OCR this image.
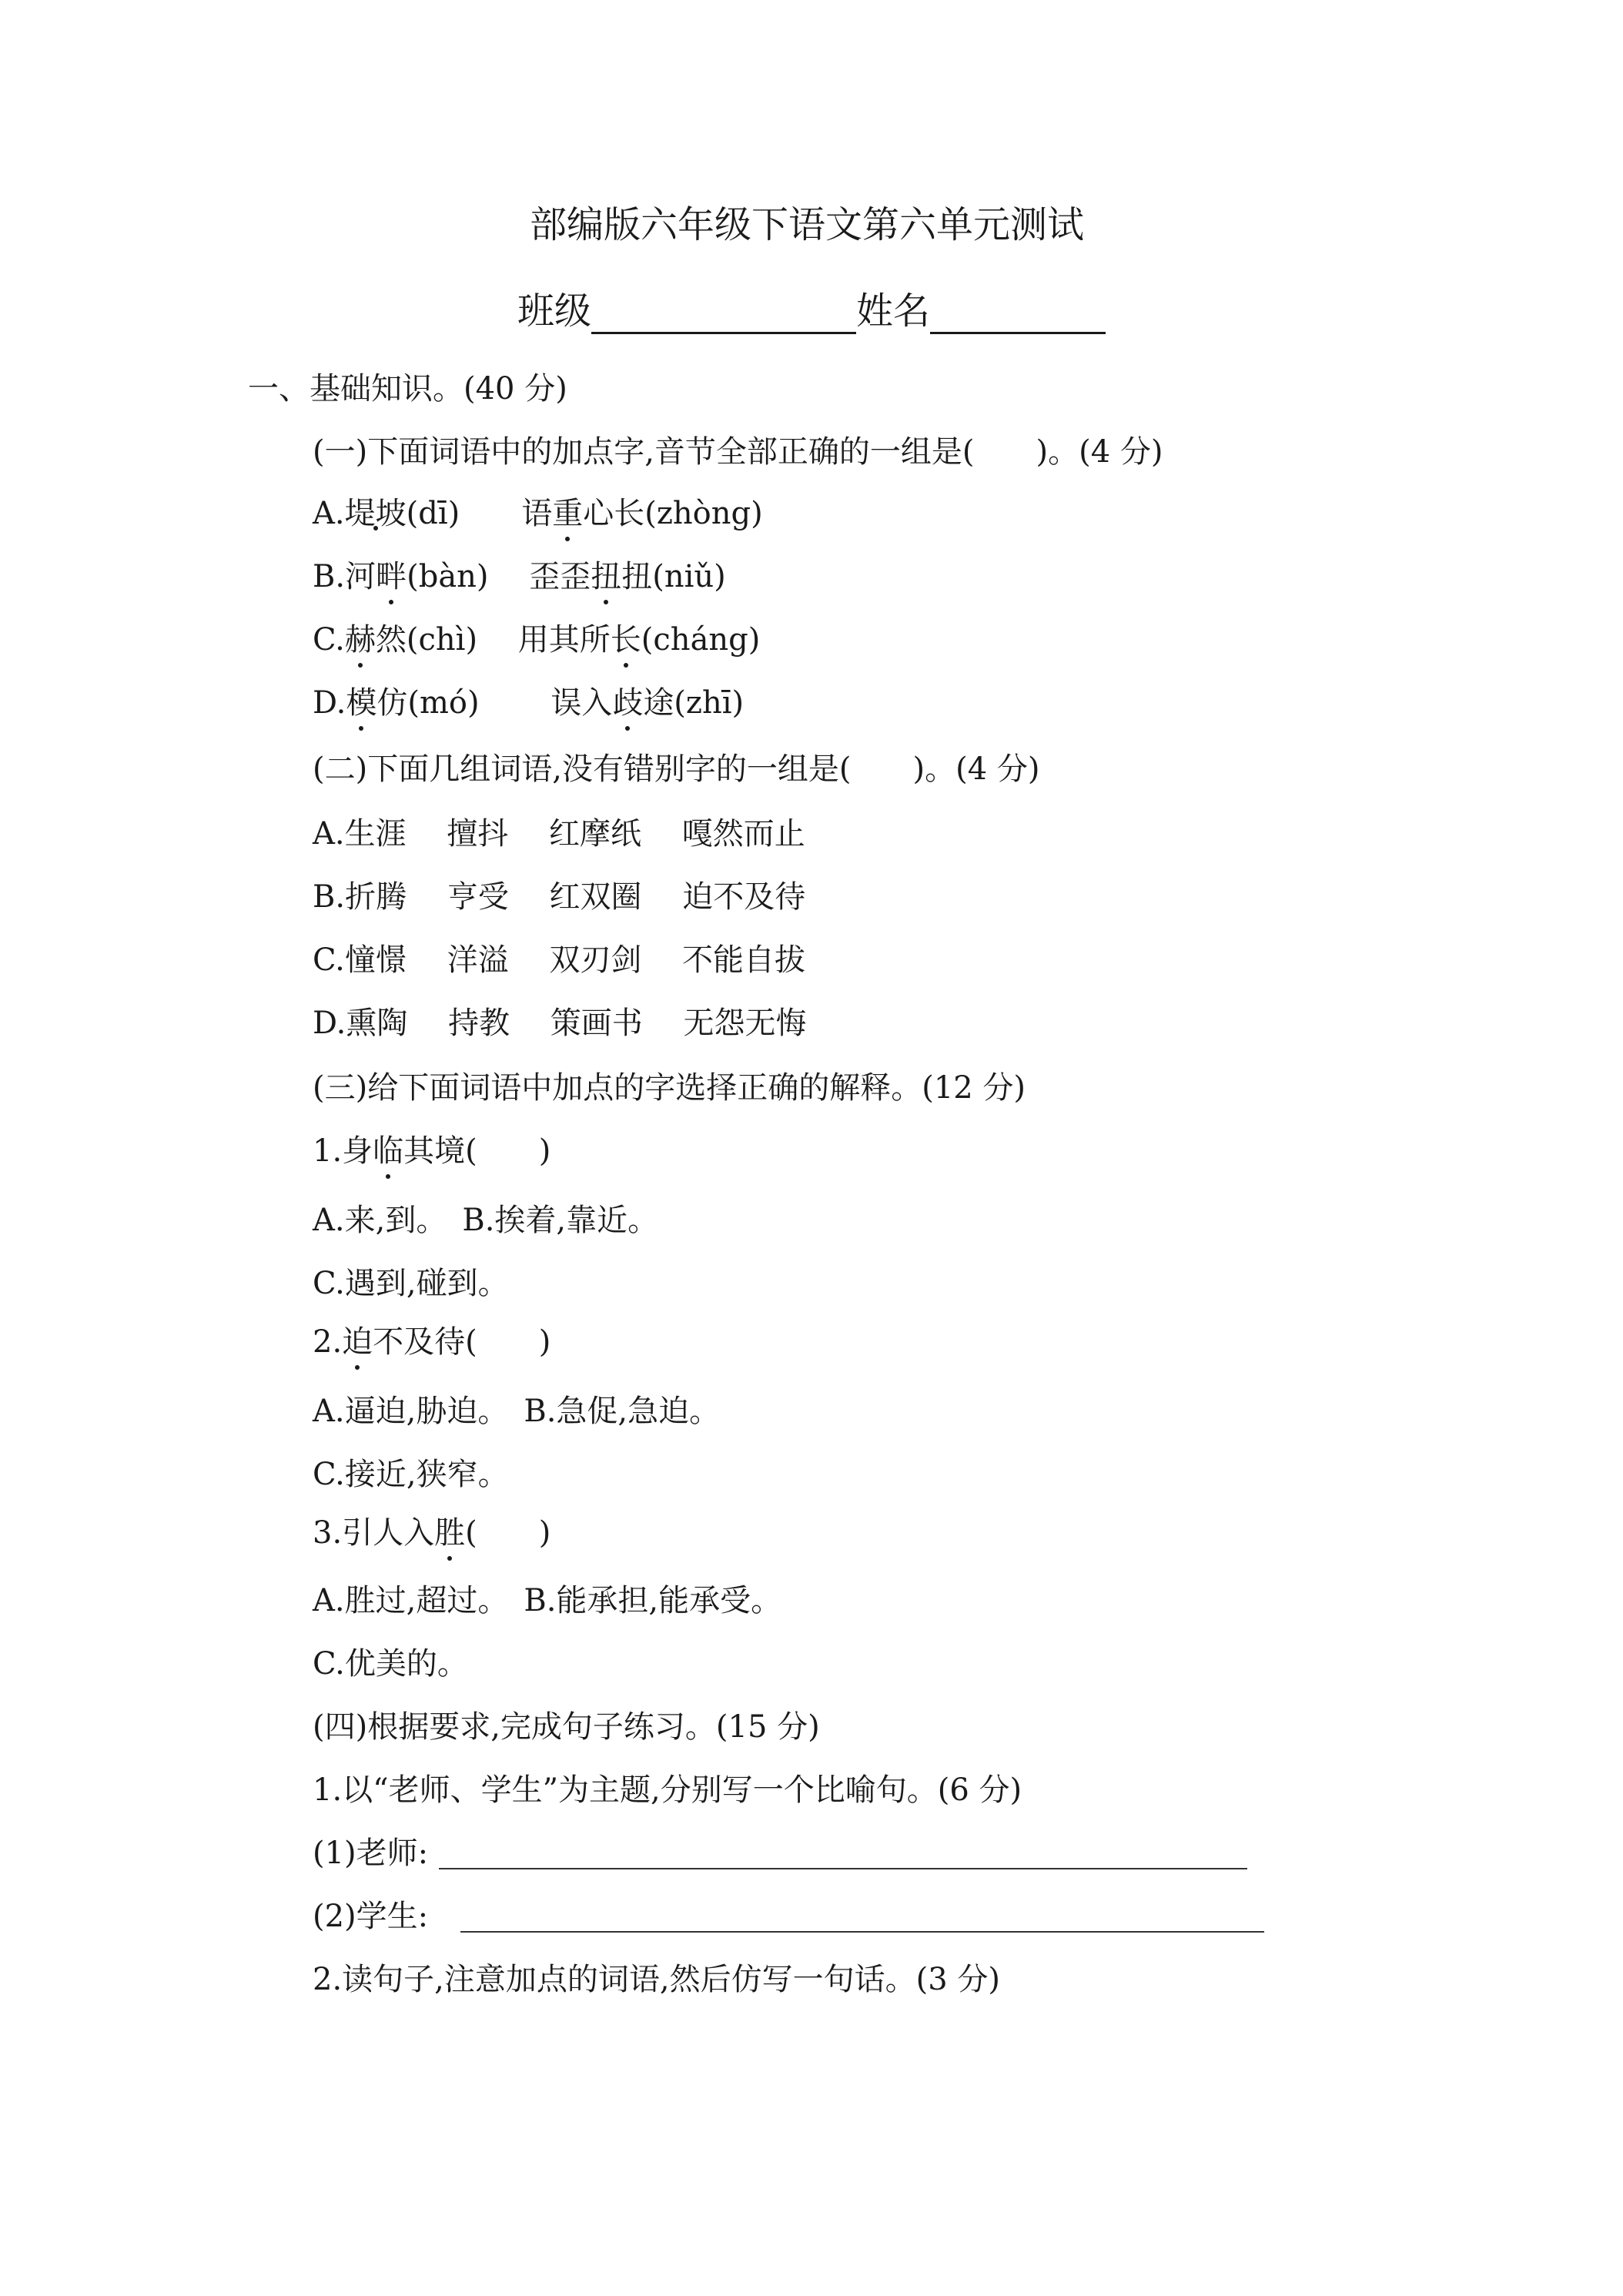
部编版六年级下语文第六单元测试
班级	姓名
一、基础知识。(40 分)
(一)下面词语中的加点字,音节全部正确的一组是(　　)。(4 分)
A.堤坡(dī)　　 语重心长(zhòng)
B.河畔(bàn)　 歪歪扭扭(niǔ)
C.赫然(chì)　 用其所长(cháng)
D.模仿(mó)　 　 误入歧途(zhī)
(二)下面几组词语,没有错别字的一组是(　　)。(4 分)
A.生涯　 擅抖　 红摩纸　 嘎然而止
B.折腾　 亨受　 红双圈　 迫不及待
C.憧憬　 洋溢　 双刃剑　 不能自拔
D.熏陶　 持教　 策画书　 无怨无悔
(三)给下面词语中加点的字选择正确的解释。(12 分)
1.身临其境(　　)
A.来,到。　B.挨着,靠近。
C.遇到,碰到。
2.迫不及待(　　)
A.逼迫,胁迫。　B.急促,急迫。
C.接近,狭窄。
3.引人入胜(　　)
A.胜过,超过。　B.能承担,能承受。
C.优美的。
(四)根据要求,完成句子练习。(15 分)
1.以“老师、学生”为主题,分别写一个比喻句。(6 分)
(1)老师:
(2)学生:
2.读句子,注意加点的词语,然后仿写一句话。(3 分)
